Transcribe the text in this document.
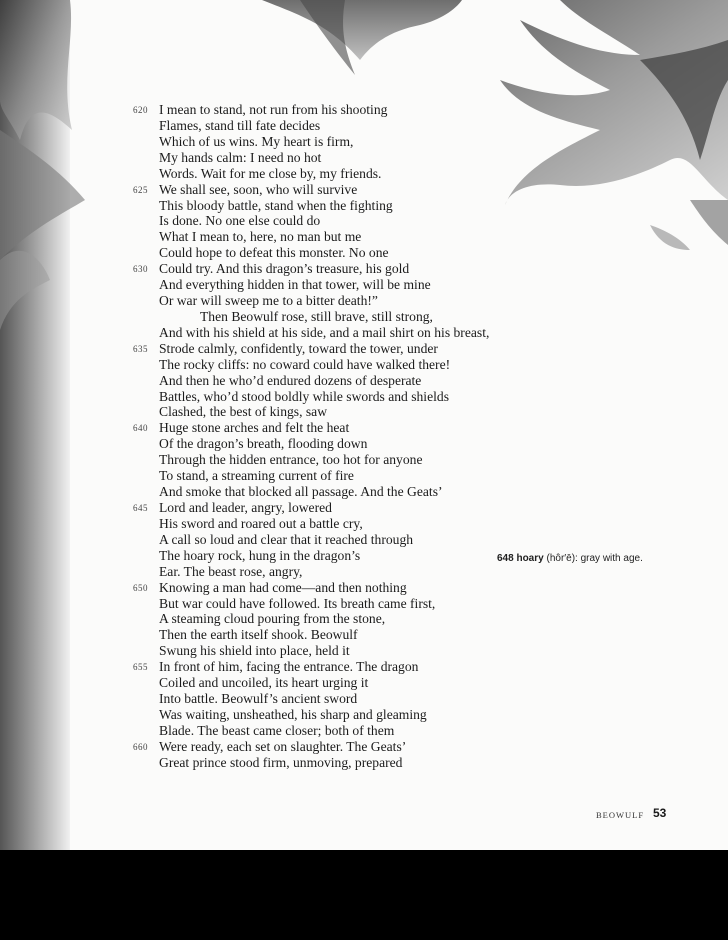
620 I mean to stand, not run from his shooting
Flames, stand till fate decides
Which of us wins. My heart is firm,
My hands calm: I need no hot
Words. Wait for me close by, my friends.
625 We shall see, soon, who will survive
This bloody battle, stand when the fighting
Is done. No one else could do
What I mean to, here, no man but me
Could hope to defeat this monster. No one
630 Could try. And this dragon’s treasure, his gold
And everything hidden in that tower, will be mine
Or war will sweep me to a bitter death!”
Then Beowulf rose, still brave, still strong,
And with his shield at his side, and a mail shirt on his breast,
635 Strode calmly, confidently, toward the tower, under
The rocky cliffs: no coward could have walked there!
And then he who’d endured dozens of desperate
Battles, who’d stood boldly while swords and shields
Clashed, the best of kings, saw
640 Huge stone arches and felt the heat
Of the dragon’s breath, flooding down
Through the hidden entrance, too hot for anyone
To stand, a streaming current of fire
And smoke that blocked all passage. And the Geats’
645 Lord and leader, angry, lowered
His sword and roared out a battle cry,
A call so loud and clear that it reached through
The hoary rock, hung in the dragon’s
Ear. The beast rose, angry,
650 Knowing a man had come—and then nothing
But war could have followed. Its breath came first,
A steaming cloud pouring from the stone,
Then the earth itself shook. Beowulf
Swung his shield into place, held it
655 In front of him, facing the entrance. The dragon
Coiled and uncoiled, its heart urging it
Into battle. Beowulf’s ancient sword
Was waiting, unsheathed, his sharp and gleaming
Blade. The beast came closer; both of them
660 Were ready, each set on slaughter. The Geats’
Great prince stood firm, unmoving, prepared
648 hoary (hôr′ē): gray with age.
BEOWULF 53
